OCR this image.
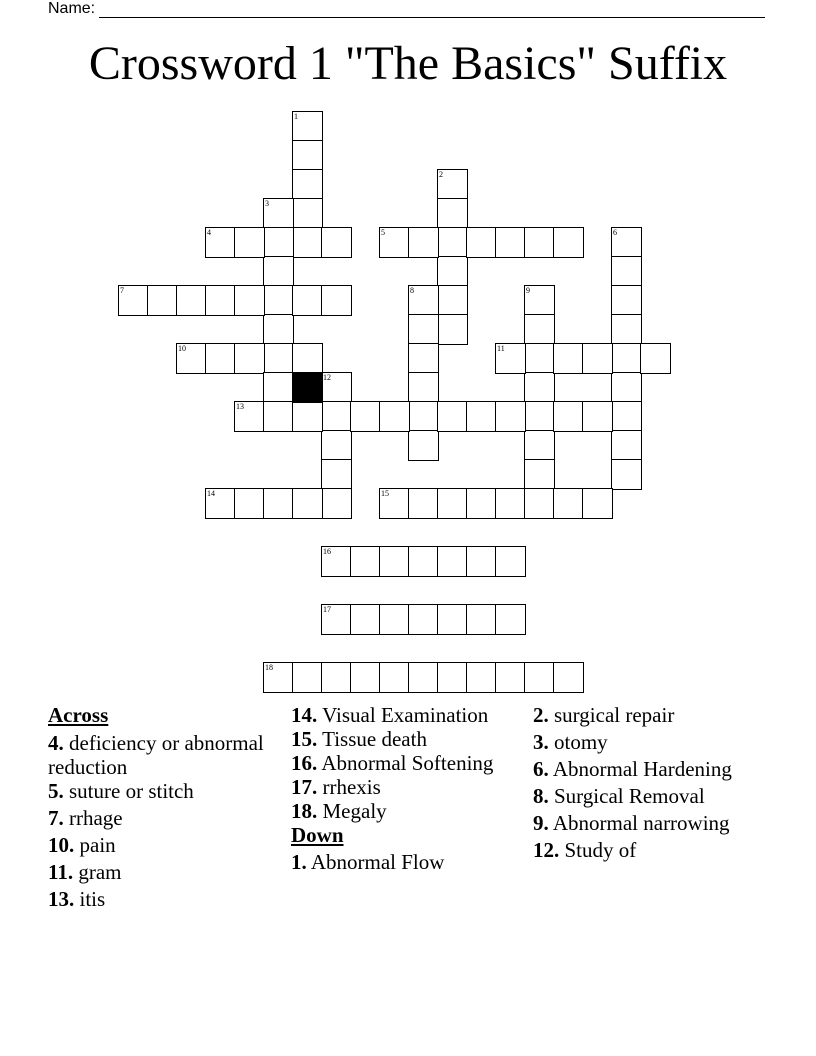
Name:
Crossword 1 "The Basics" Suffix
1
2
3
4	5	6
7	8	9
10	11
12
13
14	15
16
17
18

Across

4. deficiency or abnormal reduction

5. suture or stitch

7. rrhage

10. pain

11. gram

13. itis

14. Visual Examination

15. Tissue death

16. Abnormal Softening

17. rrhexis

18. Megaly

Down

1. Abnormal Flow

2. surgical repair

3. otomy

6. Abnormal Hardening

8. Surgical Removal

9. Abnormal narrowing

12. Study of
